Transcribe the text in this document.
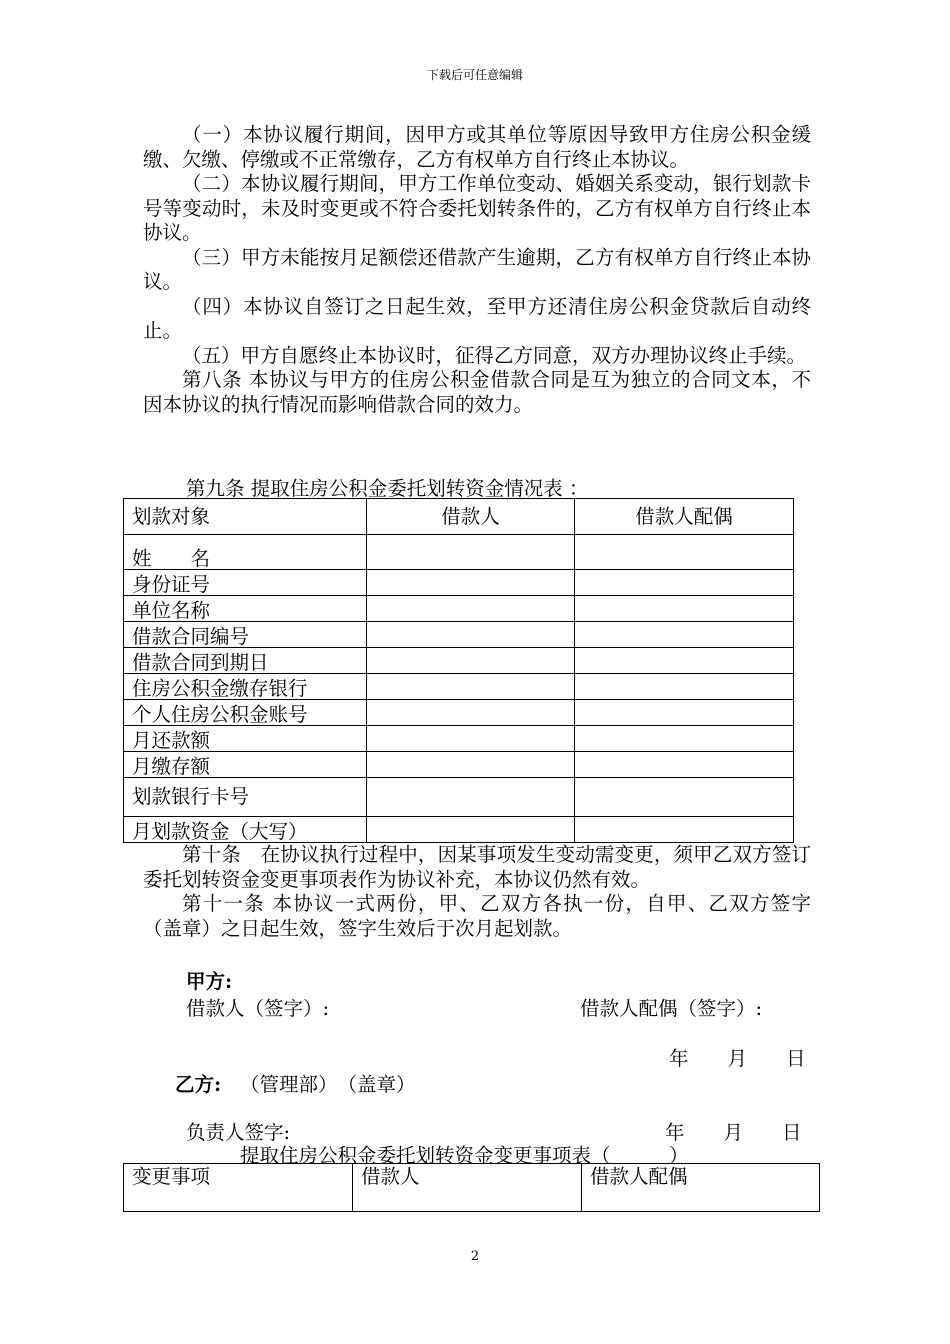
下载后可任意编辑

（一）本协议履行期间，因甲方或其单位等原因导致甲方住房公积金缓缴、欠缴、停缴或不正常缴存，乙方有权单方自行终止本协议。

（二）本协议履行期间，甲方工作单位变动、婚姻关系变动，银行划款卡号等变动时，未及时变更或不符合委托划转条件的，乙方有权单方自行终止本协议。

（三）甲方未能按月足额偿还借款产生逾期，乙方有权单方自行终止本协议。

（四）本协议自签订之日起生效，至甲方还清住房公积金贷款后自动终止。

（五）甲方自愿终止本协议时，征得乙方同意，双方办理协议终止手续。

第八条 本协议与甲方的住房公积金借款合同是互为独立的合同文本，不因本协议的执行情况而影响借款合同的效力。

第九条 提取住房公积金委托划转资金情况表 ：
划款对象	借款人	借款人配偶
姓　　名		
身份证号		
单位名称		
借款合同编号		
借款合同到期日		
住房公积金缴存银行		
个人住房公积金账号		
月还款额		
月缴存额		
划款银行卡号		
月划款资金（大写）		

第十条　在协议执行过程中，因某事项发生变动需变更，须甲乙双方签订委托划转资金变更事项表作为协议补充，本协议仍然有效。

第十一条 本协议一式两份，甲、乙双方各执一份，自甲、乙双方签字（盖章）之日起生效，签字生效后于次月起划款。

甲方:
借款人（签字）:	借款人配偶（签字）:
年　　月　　日
乙方: （管理部）　（盖章）
负责人签字:	年　　月　　日
提取住房公积金委托划转资金变更事项表（	）
变更事项	借款人	借款人配偶
2
